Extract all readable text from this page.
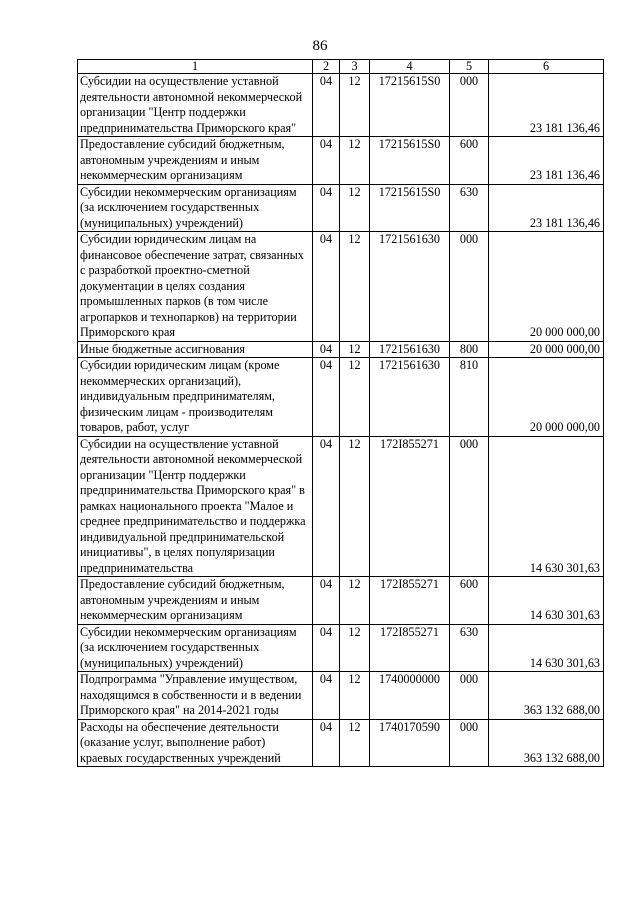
86
1	2	3	4	5	6
Субсидии на осуществление уставной деятельности автономной некоммерческой организации "Центр поддержки предпринимательства Приморского края"	04	12	17215615S0	000	23 181 136,46
Предоставление субсидий бюджетным, автономным учреждениям и иным некоммерческим организациям	04	12	17215615S0	600	23 181 136,46
Субсидии некоммерческим организациям (за исключением государственных (муниципальных) учреждений)	04	12	17215615S0	630	23 181 136,46
Субсидии юридическим лицам на финансовое обеспечение затрат, связанных с разработкой проектно-сметной документации в целях создания промышленных парков (в том числе агропарков и технопарков) на территории Приморского края	04	12	1721561630	000	20 000 000,00
Иные бюджетные ассигнования	04	12	1721561630	800	20 000 000,00
Субсидии юридическим лицам (кроме некоммерческих организаций), индивидуальным предпринимателям, физическим лицам - производителям товаров, работ, услуг	04	12	1721561630	810	20 000 000,00
Субсидии на осуществление уставной деятельности автономной некоммерческой организации "Центр поддержки предпринимательства Приморского края" в рамках национального проекта "Малое и среднее предпринимательство и поддержка индивидуальной предпринимательской инициативы", в целях популяризации предпринимательства	04	12	172I855271	000	14 630 301,63
Предоставление субсидий бюджетным, автономным учреждениям и иным некоммерческим организациям	04	12	172I855271	600	14 630 301,63
Субсидии некоммерческим организациям (за исключением государственных (муниципальных) учреждений)	04	12	172I855271	630	14 630 301,63
Подпрограмма "Управление имуществом, находящимся в собственности и в ведении Приморского края" на 2014-2021 годы	04	12	1740000000	000	363 132 688,00
Расходы на обеспечение деятельности (оказание услуг, выполнение работ) краевых государственных учреждений	04	12	1740170590	000	363 132 688,00
